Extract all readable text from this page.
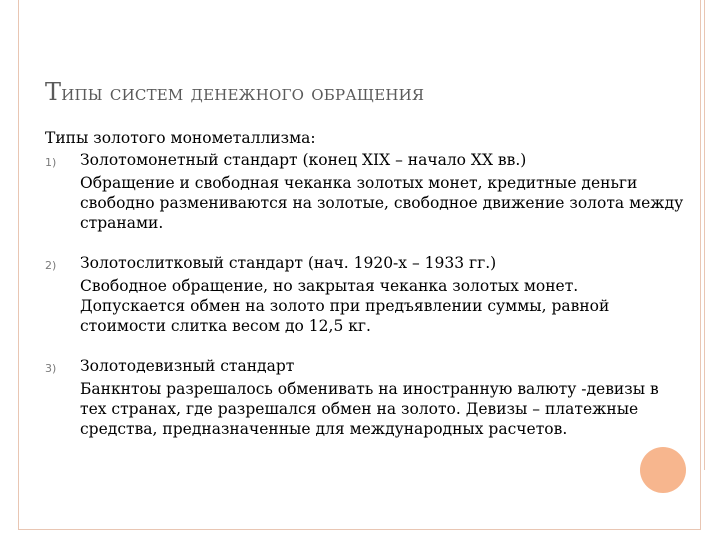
Типы систем денежного обращения
Типы золотого монометаллизма:
1) Золотомонетный стандарт (конец XIX – начало XX вв.)
Обращение и свободная чеканка золотых монет, кредитные деньги свободно размениваются на золотые, свободное движение золота между странами.
2) Золотослитковый стандарт (нач. 1920-х – 1933 гг.)
Свободное обращение, но закрытая чеканка золотых монет. Допускается обмен на золото при предъявлении суммы, равной стоимости слитка весом до 12,5 кг.
3) Золотодевизный стандарт
Банкнтоы разрешалось обменивать на иностранную валюту -девизы в тех странах, где разрешался обмен на золото. Девизы – платежные средства, предназначенные для международных расчетов.
